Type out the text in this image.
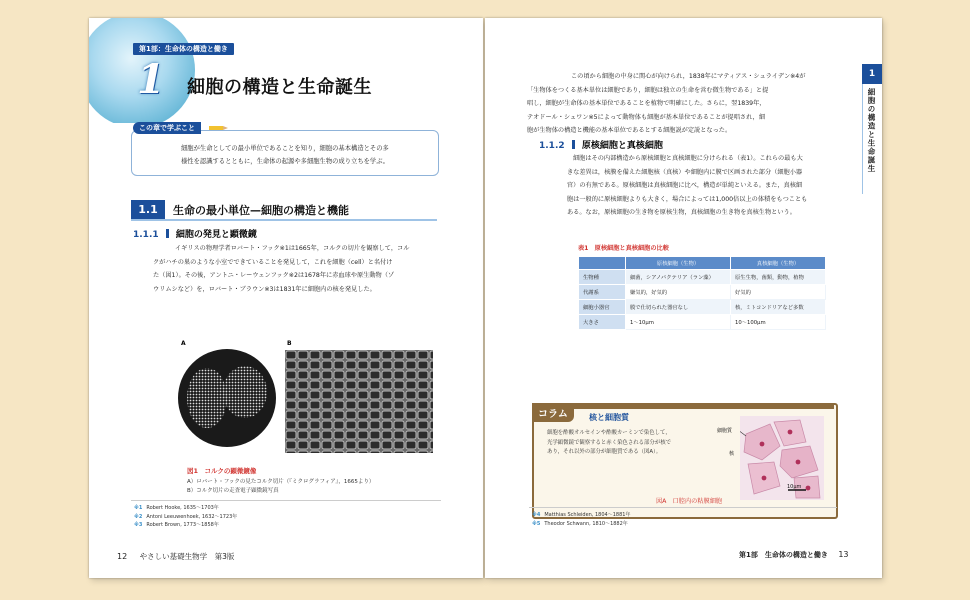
第1部：生命体の構造と働き
1 細胞の構造と生命誕生
この章で学ぶこと
細胞が生命としての最小単位であることを知り，細胞の基本構造とその多
様性を認識するとともに，生命体の起源や多細胞生物の成り立ちを学ぶ。
1.1	生命の最小単位—細胞の構造と機能
1.1.1 細胞の発見と顕微鏡
イギリスの物理学者ロバート・フック※1は1665年，コルクの切片を観察して，コル
クがハチの巣のような小室でできていることを発見して，これを細胞（cell）と名付け
た（図1）。その後，アントニ・レーウェンフック※2は1678年に赤血球や原生動物（ゾ
ウリムシなど）を，ロバート・ブラウン※3は1831年に細胞内の核を発見した。
A	B
図1　コルクの顕微鏡像
A）ロバート・フックの見たコルク切片（『ミクログラフィア』，1665より）
B）コルク切片の走査電子顕微鏡写真
※1 Robert Hooke, 1635～1703年
※2 Antoni Leeuwenhoek, 1632～1723年
※3 Robert Brown, 1773～1858年
12 やさしい基礎生物学　第3版
この頃から細胞の中身に関心が向けられ，1838年にマティアス・シュライデン※4が
「生物体をつくる基本単位は細胞であり，細胞は独立の生命を営む微生物である」と提
唱し，細胞が生命体の基本単位であることを植物で明確にした。さらに，翌1839年，
テオドール・シュワン※5によって動物体も細胞が基本単位であることが提唱され，細
胞が生物体の構造と機能の基本単位であるとする細胞説が定説となった。
1.1.2 原核細胞と真核細胞
細胞はその内部構造から原核細胞と真核細胞に分けられる（表1）。これらの最も大
きな差異は，核膜を備えた細胞核（真核）や細胞内に膜で区画された部分（細胞小器
官）の有無である。原核細胞は真核細胞に比べ，構造が単純といえる。また，真核細
胞は一般的に原核細胞よりも大きく，場合によっては1,000倍以上の体積をもつことも
ある。なお，原核細胞の生き物を原核生物，真核細胞の生き物を真核生物という。
表1　原核細胞と真核細胞の比較
	原核細胞（生物）	真核細胞（生物）
生物種	細菌，シアノバクテリア（ラン藻）	原生生物，菌類，動物，植物
代謝系	嫌気的，好気的	好気的
細胞小器官	膜で仕切られた器官なし	核，ミトコンドリアなど多数
大きさ	1～10μm	10～100μm
コラム	核と細胞質
細胞を酢酸オルセインや酢酸カーミンで染色して，
光学顕微鏡で観察すると赤く染色される部分が核で
あり，それ以外の部分が細胞質である（図A）。
細胞質
核
10μm
図A　口腔内の粘膜細胞
※4 Matthias Schleiden, 1804～1881年
※5 Theodor Schwann, 1810～1882年
第1部　生命体の構造と働き 13
1
細胞の構造と生命誕生
